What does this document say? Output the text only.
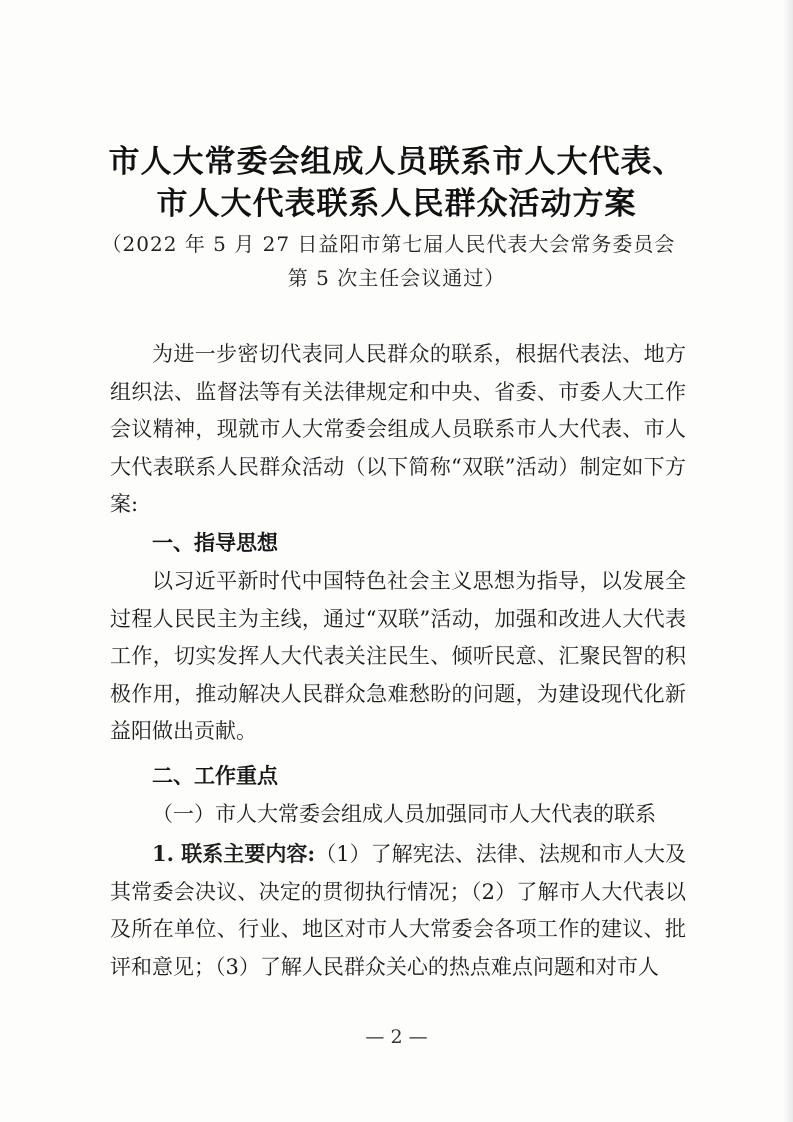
市人大常委会组成人员联系市人大代表、
市人大代表联系人民群众活动方案

（2022 年 5 月 27 日益阳市第七届人民代表大会常务委员会

第 5 次主任会议通过）

为进一步密切代表同人民群众的联系，根据代表法、地方组织法、监督法等有关法律规定和中央、省委、市委人大工作会议精神，现就市人大常委会组成人员联系市人大代表、市人大代表联系人民群众活动（以下简称“双联”活动）制定如下方案:

一、指导思想

以习近平新时代中国特色社会主义思想为指导，以发展全过程人民民主为主线，通过“双联”活动，加强和改进人大代表工作，切实发挥人大代表关注民生、倾听民意、汇聚民智的积极作用，推动解决人民群众急难愁盼的问题，为建设现代化新益阳做出贡献。

二、工作重点

（一）市人大常委会组成人员加强同市人大代表的联系

1. 联系主要内容:（1）了解宪法、法律、法规和市人大及其常委会决议、决定的贯彻执行情况；（2）了解市人大代表以及所在单位、行业、地区对市人大常委会各项工作的建议、批评和意见；（3）了解人民群众关心的热点难点问题和对市人

— 2 —
